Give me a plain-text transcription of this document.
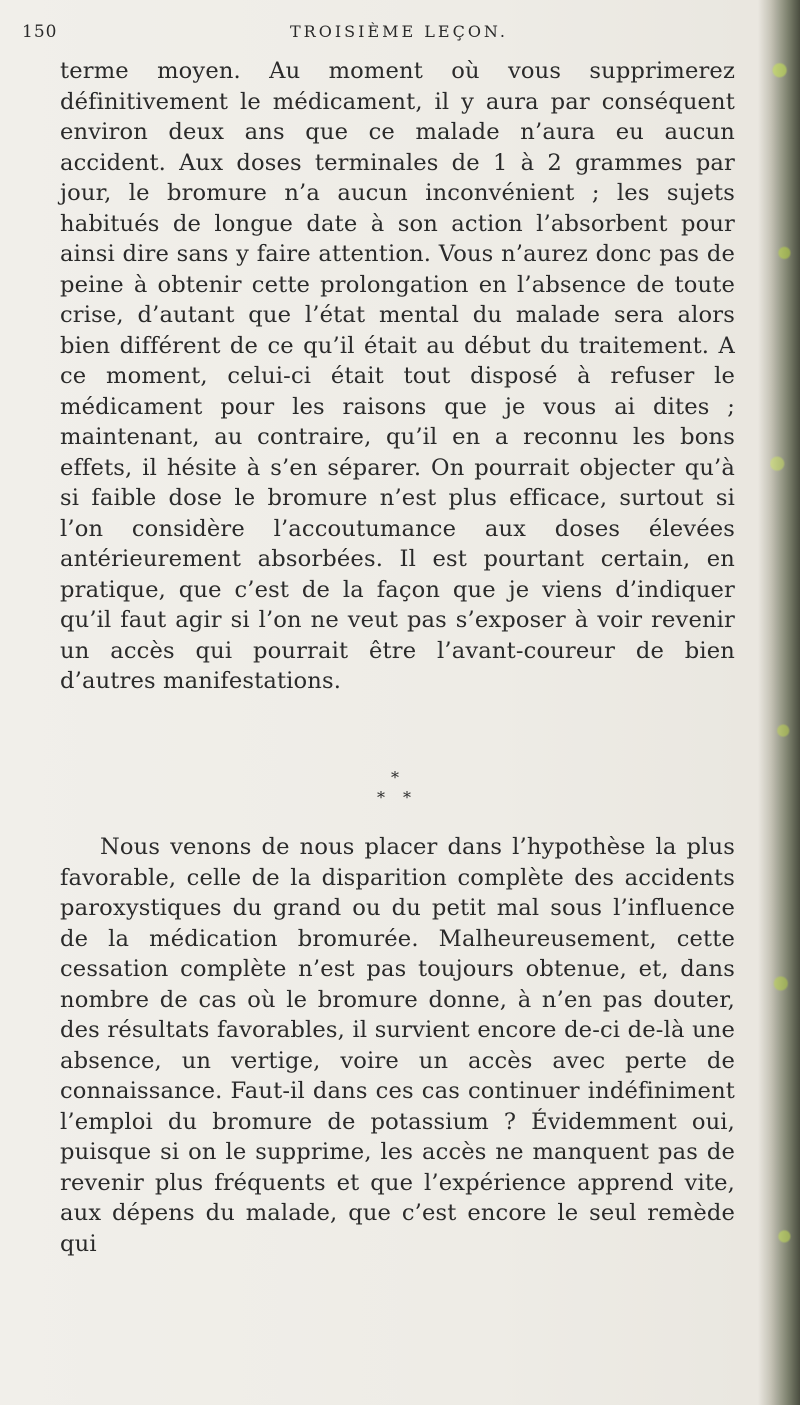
150	TROISIÈME LEÇON.
terme moyen. Au moment où vous supprimerez définitivement le médicament, il y aura par conséquent environ deux ans que ce malade n’aura eu aucun accident. Aux doses terminales de 1 à 2 grammes par jour, le bromure n’a aucun inconvénient ; les sujets habitués de longue date à son action l’absorbent pour ainsi dire sans y faire attention. Vous n’aurez donc pas de peine à obtenir cette prolongation en l’absence de toute crise, d’autant que l’état mental du malade sera alors bien différent de ce qu’il était au début du traitement. A ce moment, celui-ci était tout disposé à refuser le médicament pour les raisons que je vous ai dites ; maintenant, au contraire, qu’il en a reconnu les bons effets, il hésite à s’en séparer. On pourrait objecter qu’à si faible dose le bromure n’est plus efficace, surtout si l’on considère l’accoutumance aux doses élevées antérieurement absorbées. Il est pourtant certain, en pratique, que c’est de la façon que je viens d’indiquer qu’il faut agir si l’on ne veut pas s’exposer à voir revenir un accès qui pourrait être l’avant-coureur de bien d’autres manifestations.
*
* *
Nous venons de nous placer dans l’hypothèse la plus favorable, celle de la disparition complète des accidents paroxystiques du grand ou du petit mal sous l’influence de la médication bromurée. Malheureusement, cette cessation complète n’est pas toujours obtenue, et, dans nombre de cas où le bromure donne, à n’en pas douter, des résultats favorables, il survient encore de-ci de-là une absence, un vertige, voire un accès avec perte de connaissance. Faut-il dans ces cas continuer indéfiniment l’emploi du bromure de potassium ? Évidemment oui, puisque si on le supprime, les accès ne manquent pas de revenir plus fréquents et que l’expérience apprend vite, aux dépens du malade, que c’est encore le seul remède qui
